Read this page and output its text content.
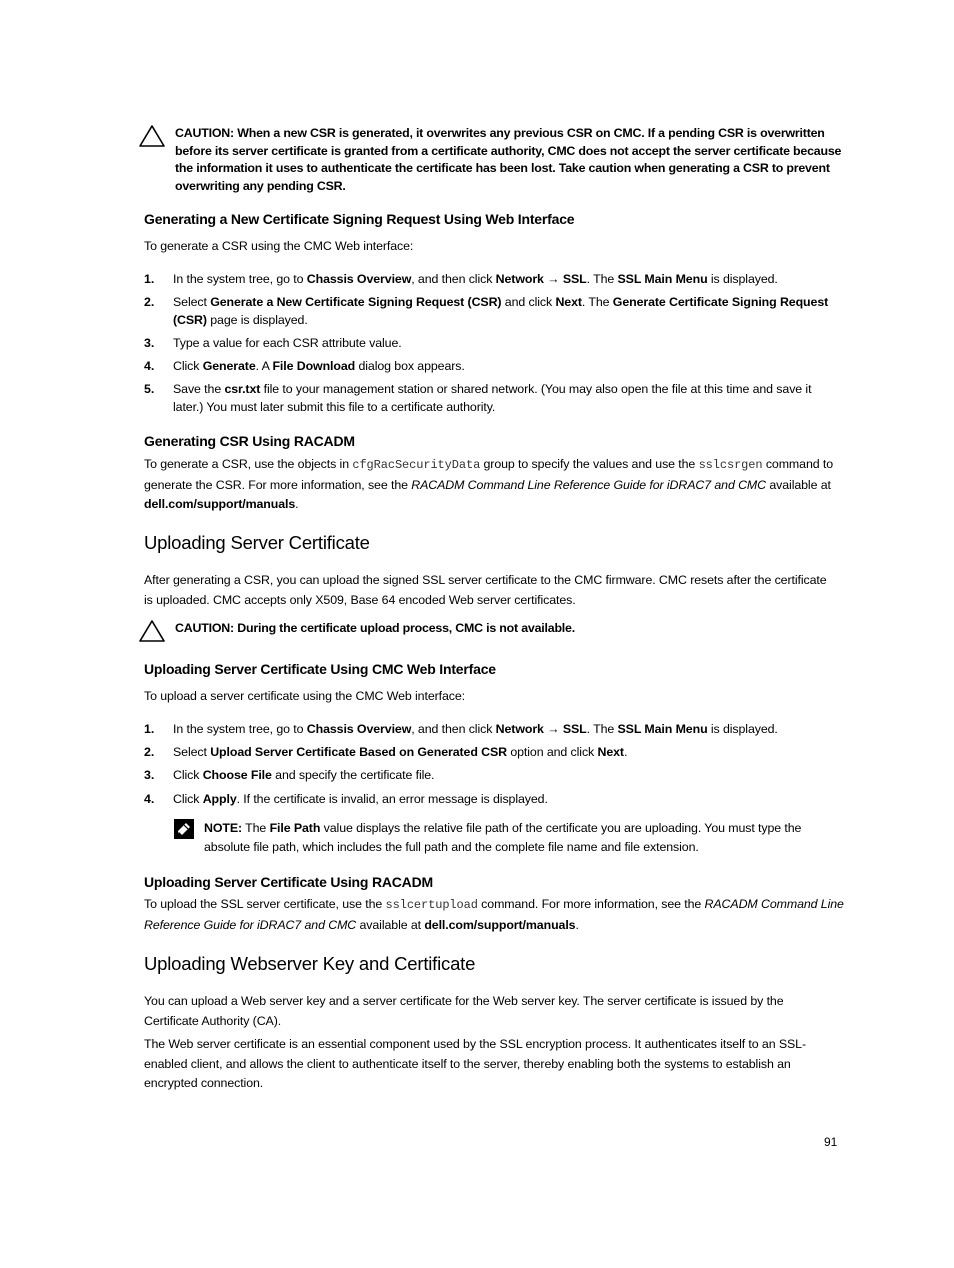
CAUTION: When a new CSR is generated, it overwrites any previous CSR on CMC. If a pending CSR is overwritten before its server certificate is granted from a certificate authority, CMC does not accept the server certificate because the information it uses to authenticate the certificate has been lost. Take caution when generating a CSR to prevent overwriting any pending CSR.
Generating a New Certificate Signing Request Using Web Interface
To generate a CSR using the CMC Web interface:
1. In the system tree, go to Chassis Overview, and then click Network → SSL. The SSL Main Menu is displayed.
2. Select Generate a New Certificate Signing Request (CSR) and click Next. The Generate Certificate Signing Request (CSR) page is displayed.
3. Type a value for each CSR attribute value.
4. Click Generate. A File Download dialog box appears.
5. Save the csr.txt file to your management station or shared network. (You may also open the file at this time and save it later.) You must later submit this file to a certificate authority.
Generating CSR Using RACADM
To generate a CSR, use the objects in cfgRacSecurityData group to specify the values and use the sslcsrgen command to generate the CSR. For more information, see the RACADM Command Line Reference Guide for iDRAC7 and CMC available at dell.com/support/manuals.
Uploading Server Certificate
After generating a CSR, you can upload the signed SSL server certificate to the CMC firmware. CMC resets after the certificate is uploaded. CMC accepts only X509, Base 64 encoded Web server certificates.
CAUTION: During the certificate upload process, CMC is not available.
Uploading Server Certificate Using CMC Web Interface
To upload a server certificate using the CMC Web interface:
1. In the system tree, go to Chassis Overview, and then click Network → SSL. The SSL Main Menu is displayed.
2. Select Upload Server Certificate Based on Generated CSR option and click Next.
3. Click Choose File and specify the certificate file.
4. Click Apply. If the certificate is invalid, an error message is displayed.
NOTE: The File Path value displays the relative file path of the certificate you are uploading. You must type the absolute file path, which includes the full path and the complete file name and file extension.
Uploading Server Certificate Using RACADM
To upload the SSL server certificate, use the sslcertupload command. For more information, see the RACADM Command Line Reference Guide for iDRAC7 and CMC available at dell.com/support/manuals.
Uploading Webserver Key and Certificate
You can upload a Web server key and a server certificate for the Web server key. The server certificate is issued by the Certificate Authority (CA).
The Web server certificate is an essential component used by the SSL encryption process. It authenticates itself to an SSL-enabled client, and allows the client to authenticate itself to the server, thereby enabling both the systems to establish an encrypted connection.
91
